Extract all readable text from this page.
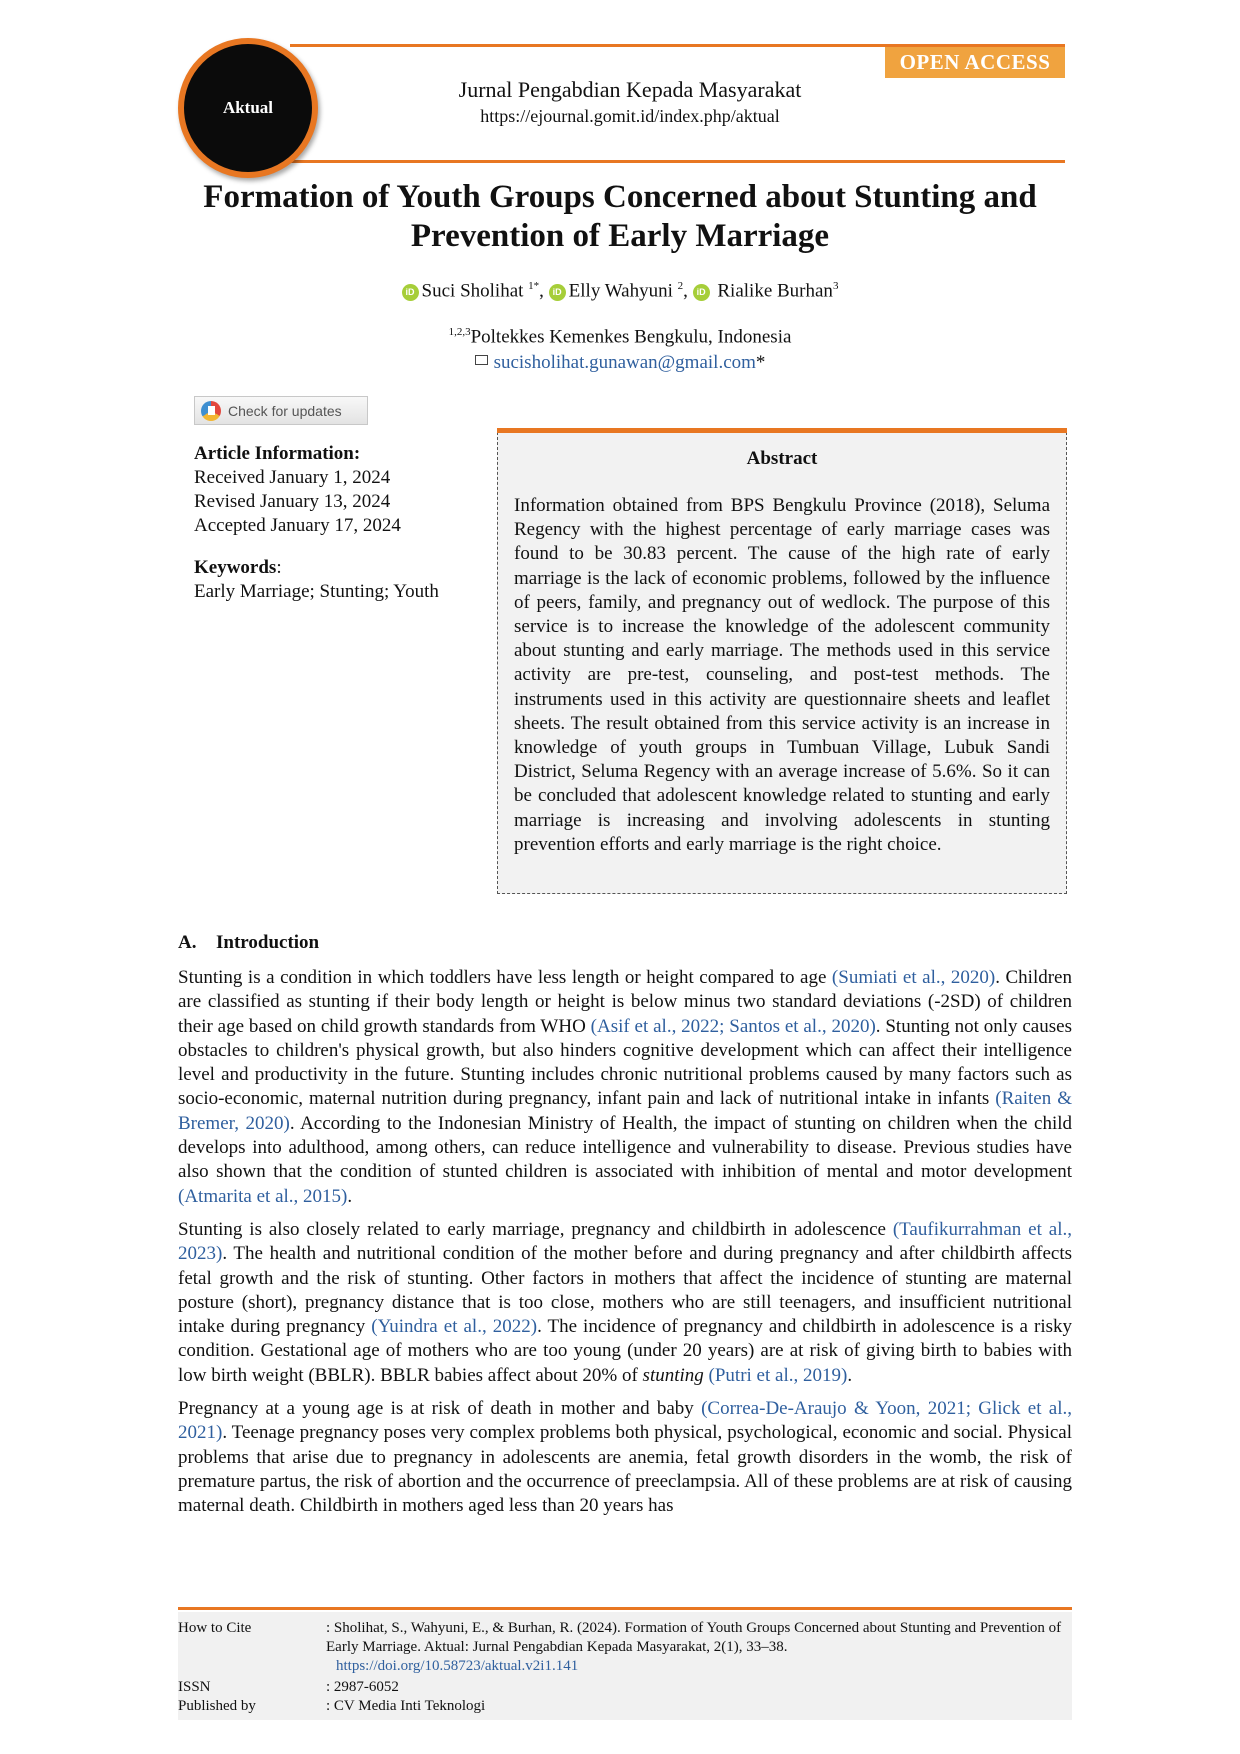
Aktual
OPEN ACCESS
Jurnal Pengabdian Kepada Masyarakat
https://ejournal.gomit.id/index.php/aktual
Formation of Youth Groups Concerned about Stunting and Prevention of Early Marriage
iD Suci Sholihat $^{1*}$, iD Elly Wahyuni $^2$, iD Rialike Burhan$^3$
$^{1,2,3}$Poltekkes Kemenkes Bengkulu, Indonesia
sucisholihat.gunawan@gmail.com*
Check for updates
Article Information:
Received January 1, 2024
Revised January 13, 2024
Accepted January 17, 2024
Keywords:
Early Marriage; Stunting; Youth
Abstract
Information obtained from BPS Bengkulu Province (2018), Seluma Regency with the highest percentage of early marriage cases was found to be 30.83 percent. The cause of the high rate of early marriage is the lack of economic problems, followed by the influence of peers, family, and pregnancy out of wedlock. The purpose of this service is to increase the knowledge of the adolescent community about stunting and early marriage. The methods used in this service activity are pre-test, counseling, and post-test methods. The instruments used in this activity are questionnaire sheets and leaflet sheets. The result obtained from this service activity is an increase in knowledge of youth groups in Tumbuan Village, Lubuk Sandi District, Seluma Regency with an average increase of 5.6%. So it can be concluded that adolescent knowledge related to stunting and early marriage is increasing and involving adolescents in stunting prevention efforts and early marriage is the right choice.
A. Introduction

Stunting is a condition in which toddlers have less length or height compared to age (Sumiati et al., 2020). Children are classified as stunting if their body length or height is below minus two standard deviations (-2SD) of children their age based on child growth standards from WHO (Asif et al., 2022; Santos et al., 2020). Stunting not only causes obstacles to children's physical growth, but also hinders cognitive development which can affect their intelligence level and productivity in the future. Stunting includes chronic nutritional problems caused by many factors such as socio-economic, maternal nutrition during pregnancy, infant pain and lack of nutritional intake in infants (Raiten & Bremer, 2020). According to the Indonesian Ministry of Health, the impact of stunting on children when the child develops into adulthood, among others, can reduce intelligence and vulnerability to disease. Previous studies have also shown that the condition of stunted children is associated with inhibition of mental and motor development (Atmarita et al., 2015).

Stunting is also closely related to early marriage, pregnancy and childbirth in adolescence (Taufikurrahman et al., 2023). The health and nutritional condition of the mother before and during pregnancy and after childbirth affects fetal growth and the risk of stunting. Other factors in mothers that affect the incidence of stunting are maternal posture (short), pregnancy distance that is too close, mothers who are still teenagers, and insufficient nutritional intake during pregnancy (Yuindra et al., 2022). The incidence of pregnancy and childbirth in adolescence is a risky condition. Gestational age of mothers who are too young (under 20 years) are at risk of giving birth to babies with low birth weight (BBLR). BBLR babies affect about 20% of stunting (Putri et al., 2019).

Pregnancy at a young age is at risk of death in mother and baby (Correa-De-Araujo & Yoon, 2021; Glick et al., 2021). Teenage pregnancy poses very complex problems both physical, psychological, economic and social. Physical problems that arise due to pregnancy in adolescents are anemia, fetal growth disorders in the womb, the risk of premature partus, the risk of abortion and the occurrence of preeclampsia. All of these problems are at risk of causing maternal death. Childbirth in mothers aged less than 20 years has

How to Cite	: Sholihat, S., Wahyuni, E., & Burhan, R. (2024). Formation of Youth Groups Concerned about Stunting and Prevention of Early Marriage. Aktual: Jurnal Pengabdian Kepada Masyarakat, 2(1), 33–38.
https://doi.org/10.58723/aktual.v2i1.141
ISSN	: 2987-6052
Published by	: CV Media Inti Teknologi
